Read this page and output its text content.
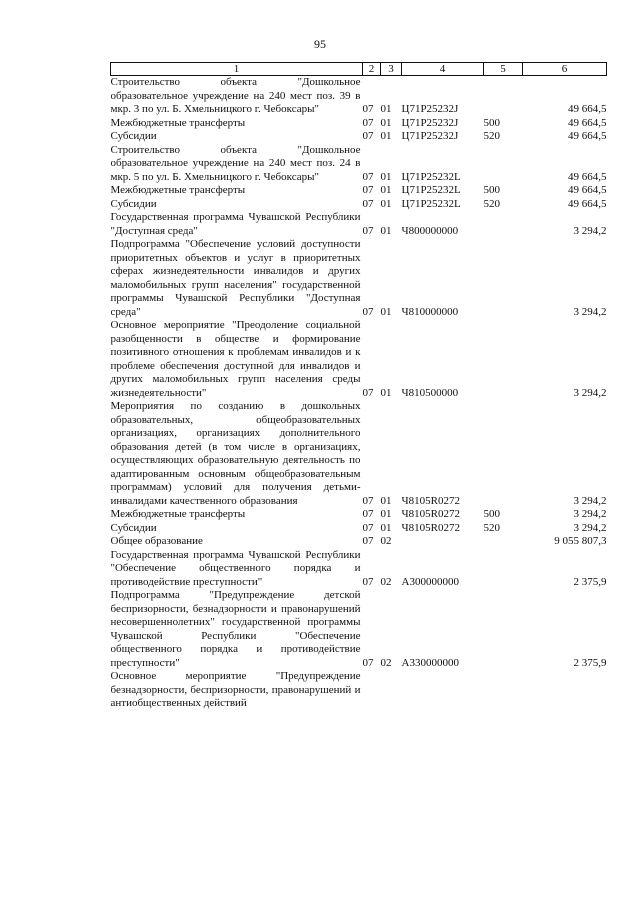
95
1	2	3	4	5	6
Строительство объекта "Дошкольное образовательное учреждение на 240 мест поз. 39 в мкр. 3 по ул. Б. Хмельницкого г. Чебоксары"	07	01	Ц71Р25232J		49 664,5
Межбюджетные трансферты	07	01	Ц71Р25232J	500	49 664,5
Субсидии	07	01	Ц71Р25232J	520	49 664,5
Строительство объекта "Дошкольное образовательное учреждение на 240 мест поз. 24 в мкр. 5 по ул. Б. Хмельницкого г. Чебоксары"	07	01	Ц71Р25232L		49 664,5
Межбюджетные трансферты	07	01	Ц71Р25232L	500	49 664,5
Субсидии	07	01	Ц71Р25232L	520	49 664,5
Государственная программа Чувашской Республики "Доступная среда"	07	01	Ч800000000		3 294,2
Подпрограмма "Обеспечение условий доступности приоритетных объектов и услуг в приоритетных сферах жизнедеятельности инвалидов и других маломобильных групп населения" государственной программы Чувашской Республики "Доступная среда"	07	01	Ч810000000		3 294,2
Основное мероприятие "Преодоление социальной разобщенности в обществе и формирование позитивного отношения к проблемам инвалидов и к проблеме обеспечения доступной для инвалидов и других маломобильных групп населения среды жизнедеятельности"	07	01	Ч810500000		3 294,2
Мероприятия по созданию в дошкольных образовательных, общеобразовательных организациях, организациях дополнительного образования детей (в том числе в организациях, осуществляющих образовательную деятельность по адаптированным основным общеобразовательным программам) условий для получения детьми-инвалидами качественного образования	07	01	Ч8105R0272		3 294,2
Межбюджетные трансферты	07	01	Ч8105R0272	500	3 294,2
Субсидии	07	01	Ч8105R0272	520	3 294,2
Общее образование	07	02			9 055 807,3
Государственная программа Чувашской Республики "Обеспечение общественного порядка и противодействие преступности"	07	02	А300000000		2 375,9
Подпрограмма "Предупреждение детской беспризорности, безнадзорности и правонарушений несовершеннолетних" государственной программы Чувашской Республики "Обеспечение общественного порядка и противодействие преступности"	07	02	А330000000		2 375,9
Основное мероприятие "Предупреждение безнадзорности, беспризорности, правонарушений и антиобщественных действий					
